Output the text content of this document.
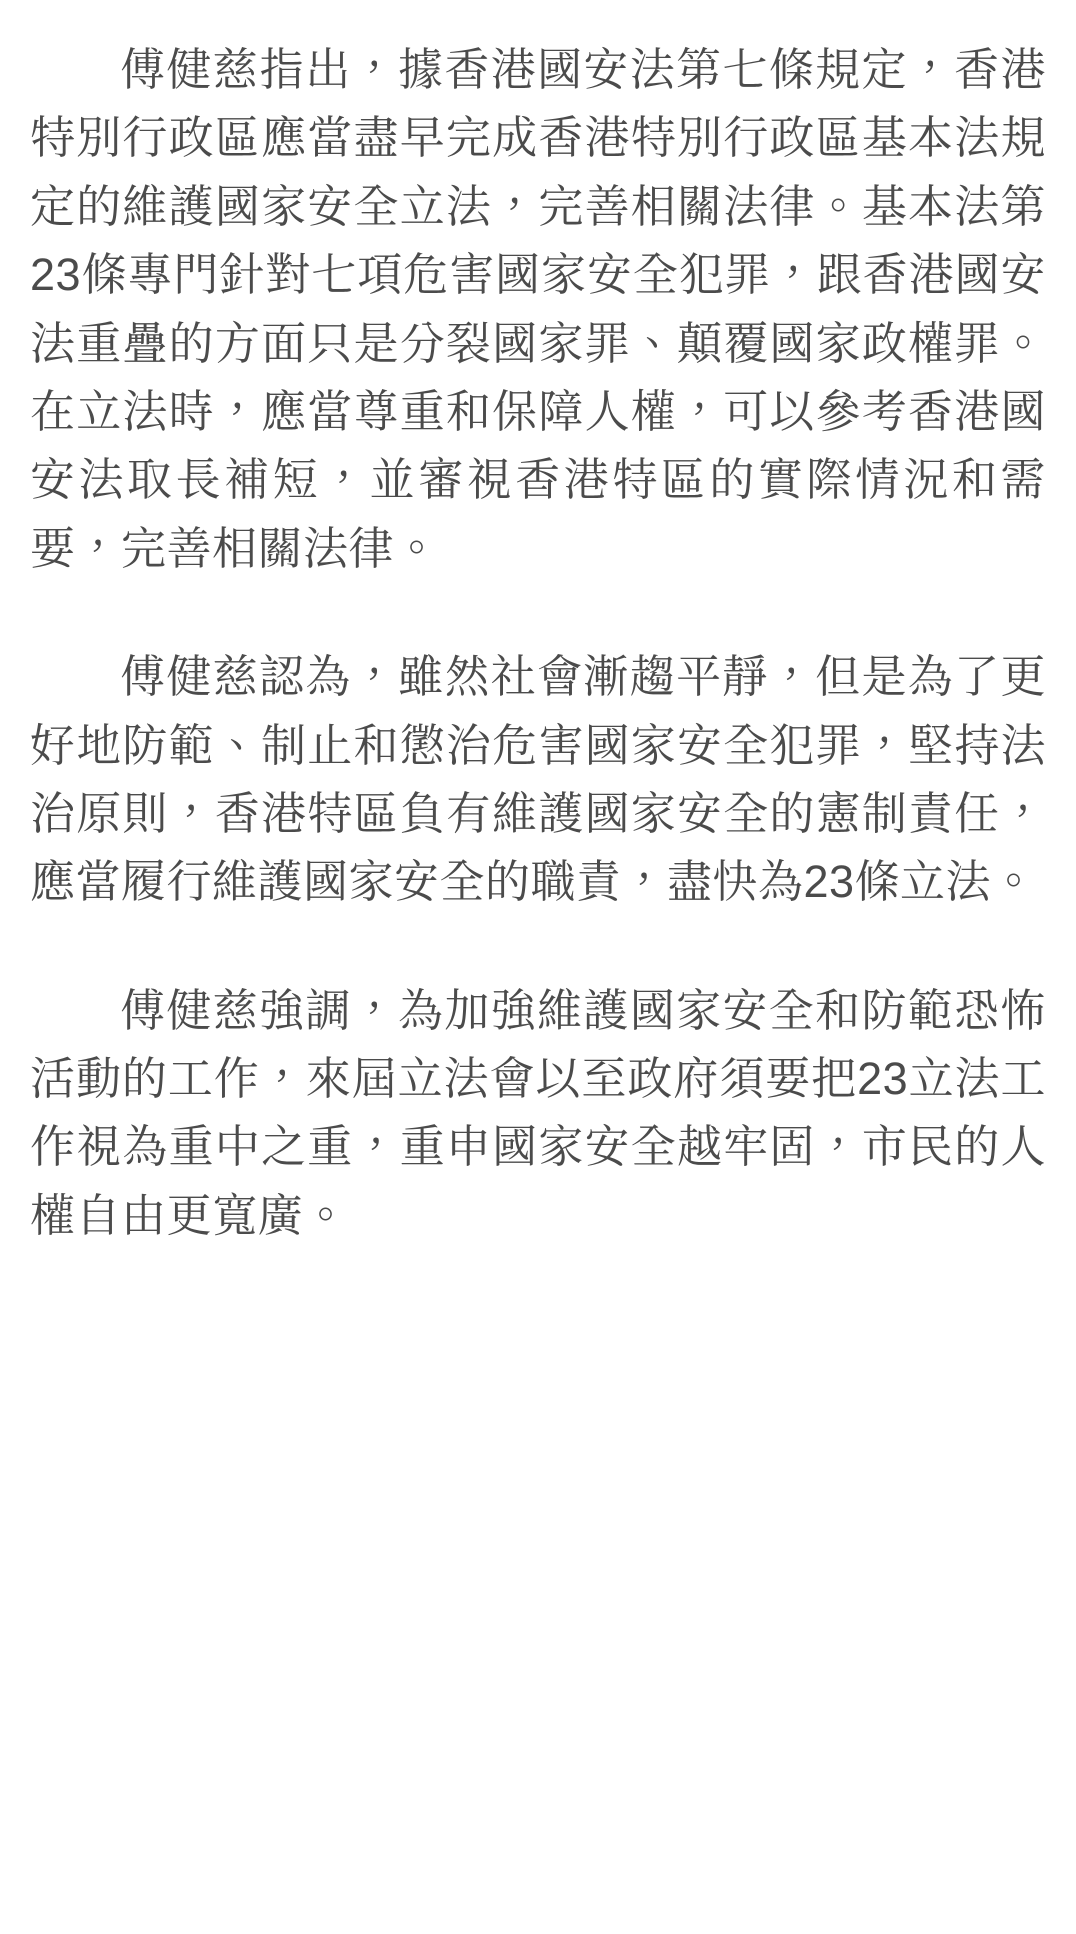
傅健慈指出，據香港國安法第七條規定，香港特別行政區應當盡早完成香港特別行政區基本法規定的維護國家安全立法，完善相關法律。基本法第23條專門針對七項危害國家安全犯罪，跟香港國安法重疊的方面只是分裂國家罪、顛覆國家政權罪。在立法時，應當尊重和保障人權，可以參考香港國安法取長補短，並審視香港特區的實際情況和需要，完善相關法律。

傅健慈認為，雖然社會漸趨平靜，但是為了更好地防範、制止和懲治危害國家安全犯罪，堅持法治原則，香港特區負有維護國家安全的憲制責任，應當履行維護國家安全的職責，盡快為23條立法。

傅健慈強調，為加強維護國家安全和防範恐怖活動的工作，來屆立法會以至政府須要把23立法工作視為重中之重，重申國家安全越牢固，市民的人權自由更寬廣。
